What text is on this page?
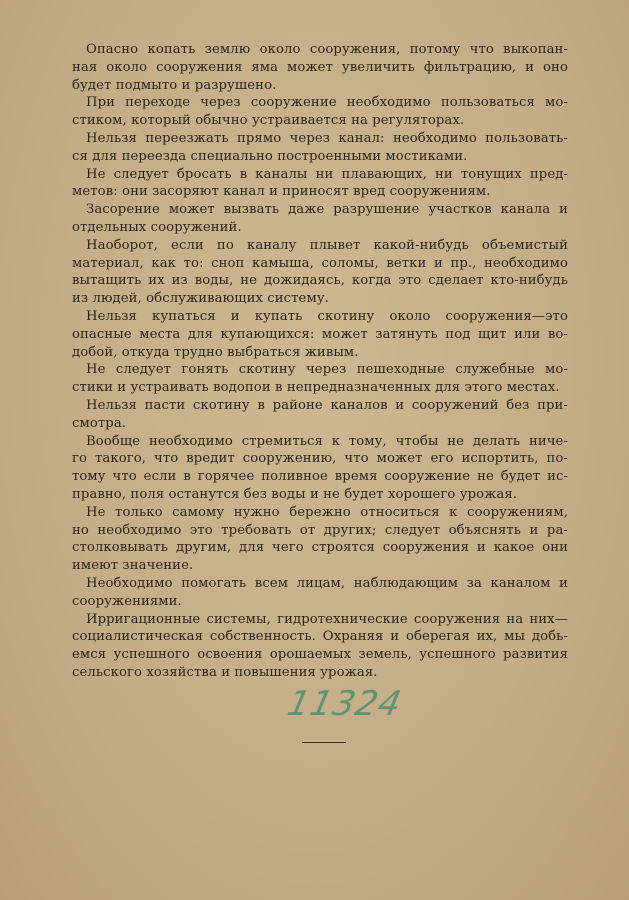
Опасно копать землю около сооружения, потому что выкопан-
ная около сооружения яма может увеличить фильтрацию, и оно
будет подмыто и разрушено.
При переходе через сооружение необходимо пользоваться мо-
стиком, который обычно устраивается на регуляторах.
Нельзя переезжать прямо через канал: необходимо пользовать-
ся для переезда специально построенными мостиками.
Не следует бросать в каналы ни плавающих, ни тонущих пред-
метов: они засоряют канал и приносят вред сооружениям.
Засорение может вызвать даже разрушение участков канала и
отдельных сооружений.
Наоборот, если по каналу плывет какой-нибудь объемистый
материал, как то: сноп камыша, соломы, ветки и пр., необходимо
вытащить их из воды, не дожидаясь, когда это сделает кто-нибудь
из людей, обслуживающих систему.
Нельзя купаться и купать скотину около сооружения—это
опасные места для купающихся: может затянуть под щит или во-
добой, откуда трудно выбраться живым.
Не следует гонять скотину через пешеходные служебные мо-
стики и устраивать водопои в непредназначенных для этого местах.
Нельзя пасти скотину в районе каналов и сооружений без при-
смотра.
Вообще необходимо стремиться к тому, чтобы не делать ниче-
го такого, что вредит сооружению, что может его испортить, по-
тому что если в горячее поливное время сооружение не будет ис-
правно, поля останутся без воды и не будет хорошего урожая.
Не только самому нужно бережно относиться к сооружениям,
но необходимо это требовать от других; следует объяснять и ра-
столковывать другим, для чего строятся сооружения и какое они
имеют значение.
Необходимо помогать всем лицам, наблюдающим за каналом и
сооружениями.
Ирригационные системы, гидротехнические сооружения на них—
социалистическая собственность. Охраняя и оберегая их, мы добь-
емся успешного освоения орошаемых земель, успешного развития
сельского хозяйства и повышения урожая.
11324
